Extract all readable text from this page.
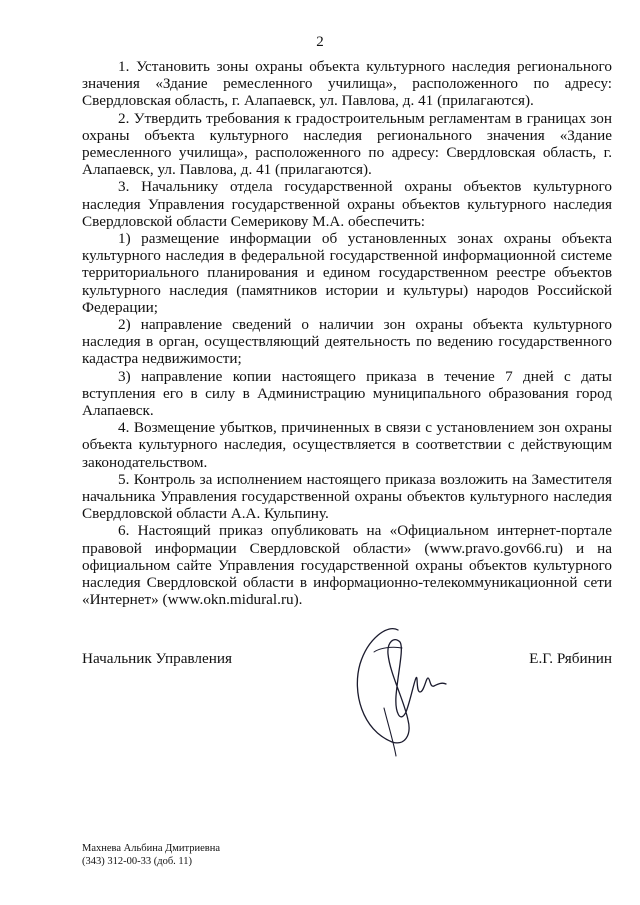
2

1. Установить зоны охраны объекта культурного наследия регионального значения «Здание ремесленного училища», расположенного по адресу: Свердловская область, г. Алапаевск, ул. Павлова, д. 41 (прилагаются).

2. Утвердить требования к градостроительным регламентам в границах зон охраны объекта культурного наследия регионального значения «Здание ремесленного училища», расположенного по адресу: Свердловская область, г. Алапаевск, ул. Павлова, д. 41 (прилагаются).

3. Начальнику отдела государственной охраны объектов культурного наследия Управления государственной охраны объектов культурного наследия Свердловской области Семерикову М.А. обеспечить:

1) размещение информации об установленных зонах охраны объекта культурного наследия в федеральной государственной информационной системе территориального планирования и едином государственном реестре объектов культурного наследия (памятников истории и культуры) народов Российской Федерации;

2) направление сведений о наличии зон охраны объекта культурного наследия в орган, осуществляющий деятельность по ведению государственного кадастра недвижимости;

3) направление копии настоящего приказа в течение 7 дней с даты вступления его в силу в Администрацию муниципального образования город Алапаевск.

4. Возмещение убытков, причиненных в связи с установлением зон охраны объекта культурного наследия, осуществляется в соответствии с действующим законодательством.

5. Контроль за исполнением настоящего приказа возложить на Заместителя начальника Управления государственной охраны объектов культурного наследия Свердловской области А.А. Кульпину.

6. Настоящий приказ опубликовать на «Официальном интернет-портале правовой информации Свердловской области» (www.pravo.gov66.ru) и на официальном сайте Управления государственной охраны объектов культурного наследия Свердловской области в информационно-телекоммуникационной сети «Интернет» (www.okn.midural.ru).

Начальник Управления	Е.Г. Рябинин
Махнева Альбина Дмитриевна
(343) 312-00-33 (доб. 11)
